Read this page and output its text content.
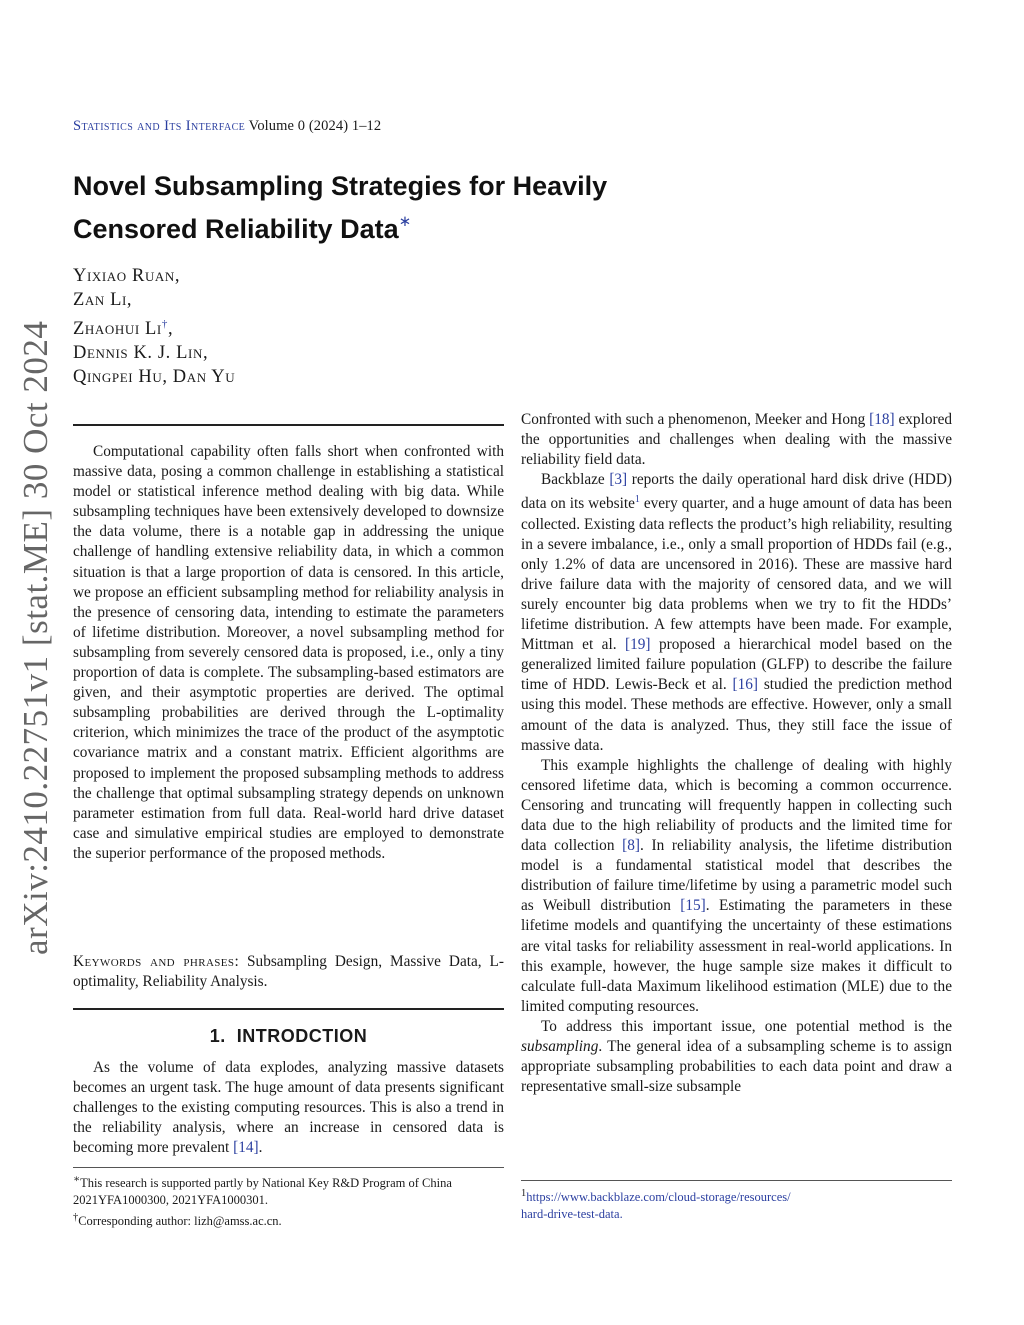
Statistics and Its Interface Volume 0 (2024) 1–12
Novel Subsampling Strategies for Heavily
Censored Reliability Data∗
Yixiao Ruan,
Zan Li,
Zhaohui Li†,
Dennis K. J. Lin,
Qingpei Hu, Dan Yu
arXiv:2410.22751v1 [stat.ME] 30 Oct 2024	Computational capability often falls short when confronted with massive data, posing a common challenge in establishing a statistical model or statistical inference method dealing with big data. While subsampling techniques have been extensively developed to downsize the data volume, there is a notable gap in addressing the unique challenge of handling extensive reliability data, in which a common situation is that a large proportion of data is censored. In this article, we propose an efficient subsampling method for reliability analysis in the presence of censoring data, intending to estimate the parameters of lifetime distribution. Moreover, a novel subsampling method for subsampling from severely censored data is proposed, i.e., only a tiny proportion of data is complete. The subsampling-based estimators are given, and their asymptotic properties are derived. The optimal subsampling probabilities are derived through the L-optimality criterion, which minimizes the trace of the product of the asymptotic covariance matrix and a constant matrix. Efficient algorithms are proposed to implement the proposed subsampling methods to address the challenge that optimal subsampling strategy depends on unknown parameter estimation from full data. Real-world hard drive dataset case and simulative empirical studies are employed to demonstrate the superior performance of the proposed methods.

Keywords and phrases: Subsampling Design, Massive Data, L-optimality, Reliability Analysis.

1. INTRODCTION

As the volume of data explodes, analyzing massive datasets becomes an urgent task. The huge amount of data presents significant challenges to the existing computing resources. This is also a trend in the reliability analysis, where an increase in censored data is becoming more prevalent [14].

∗This research is supported partly by National Key R&D Program of China 2021YFA1000300, 2021YFA1000301.

†Corresponding author: lizh@amss.ac.cn.

Confronted with such a phenomenon, Meeker and Hong [18] explored the opportunities and challenges when dealing with the massive reliability field data.

Backblaze [3] reports the daily operational hard disk drive (HDD) data on its website$^1$ every quarter, and a huge amount of data has been collected. Existing data reflects the product’s high reliability, resulting in a severe imbalance, i.e., only a small proportion of HDDs fail (e.g., only 1.2% of data are uncensored in 2016). These are massive hard drive failure data with the majority of censored data, and we will surely encounter big data problems when we try to fit the HDDs’ lifetime distribution. A few attempts have been made. For example, Mittman et al. [19] proposed a hierarchical model based on the generalized limited failure population (GLFP) to describe the failure time of HDD. Lewis-Beck et al. [16] studied the prediction method using this model. These methods are effective. However, only a small amount of the data is analyzed. Thus, they still face the issue of massive data.

This example highlights the challenge of dealing with highly censored lifetime data, which is becoming a common occurrence. Censoring and truncating will frequently happen in collecting such data due to the high reliability of products and the limited time for data collection [8]. In reliability analysis, the lifetime distribution model is a fundamental statistical model that describes the distribution of failure time/lifetime by using a parametric model such as Weibull distribution [15]. Estimating the parameters in these lifetime models and quantifying the uncertainty of these estimations are vital tasks for reliability assessment in real-world applications. In this example, however, the huge sample size makes it difficult to calculate full-data Maximum likelihood estimation (MLE) due to the limited computing resources.

To address this important issue, one potential method is the subsampling. The general idea of a subsampling scheme is to assign appropriate subsampling probabilities to each data point and draw a representative small-size subsample

$^1$https://www.backblaze.com/cloud-storage/resources/

hard-drive-test-data.
